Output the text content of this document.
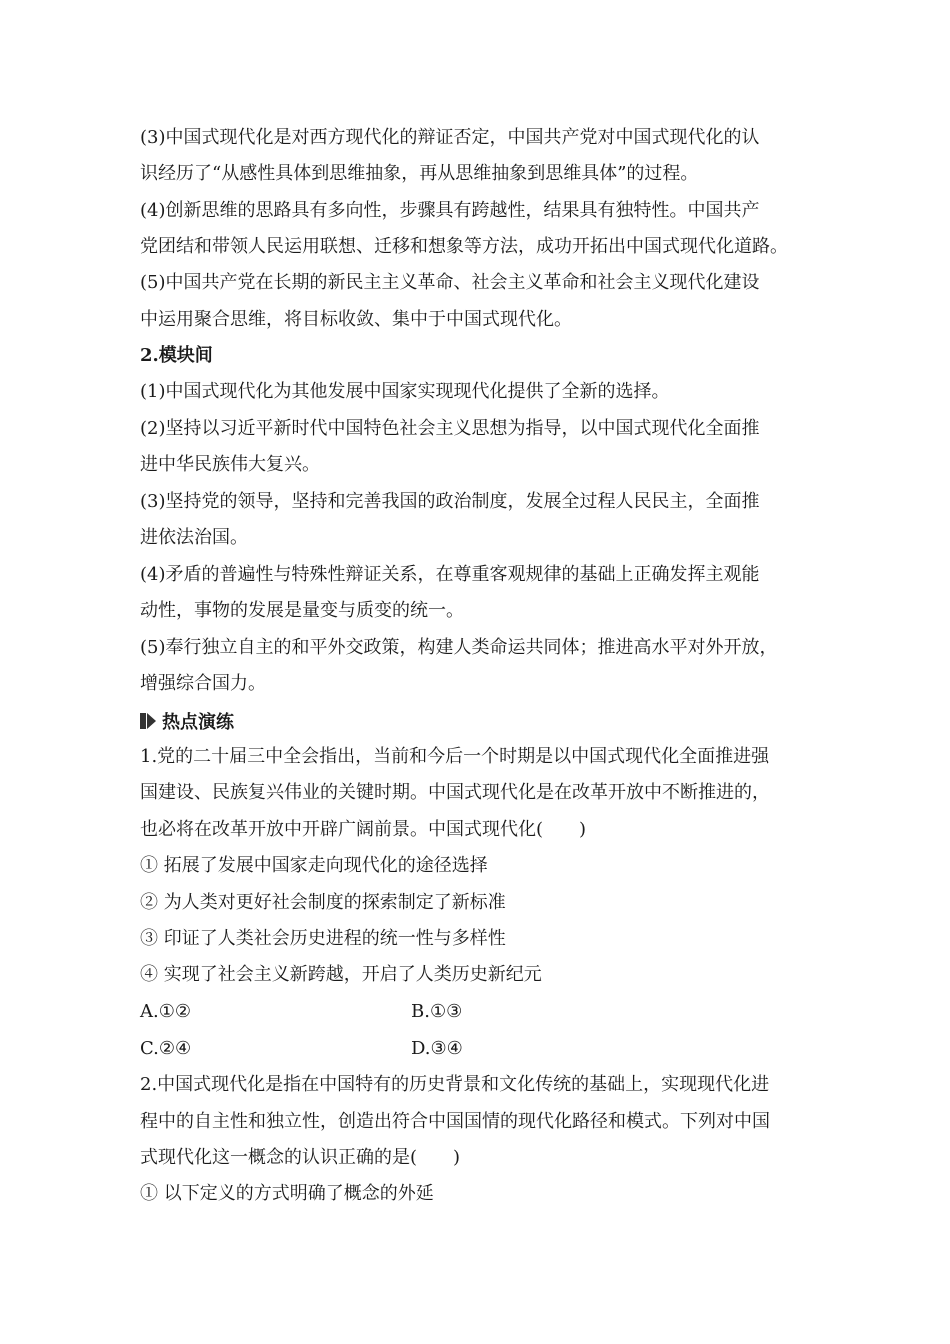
(3)中国式现代化是对西方现代化的辩证否定，中国共产党对中国式现代化的认
识经历了“从感性具体到思维抽象，再从思维抽象到思维具体”的过程。
(4)创新思维的思路具有多向性，步骤具有跨越性，结果具有独特性。中国共产
党团结和带领人民运用联想、迁移和想象等方法，成功开拓出中国式现代化道路。
(5)中国共产党在长期的新民主主义革命、社会主义革命和社会主义现代化建设
中运用聚合思维，将目标收敛、集中于中国式现代化。
2.模块间
(1)中国式现代化为其他发展中国家实现现代化提供了全新的选择。
(2)坚持以习近平新时代中国特色社会主义思想为指导，以中国式现代化全面推
进中华民族伟大复兴。
(3)坚持党的领导，坚持和完善我国的政治制度，发展全过程人民民主，全面推
进依法治国。
(4)矛盾的普遍性与特殊性辩证关系，在尊重客观规律的基础上正确发挥主观能
动性，事物的发展是量变与质变的统一。
(5)奉行独立自主的和平外交政策，构建人类命运共同体；推进高水平对外开放，
增强综合国力。
热点演练
1.党的二十届三中全会指出，当前和今后一个时期是以中国式现代化全面推进强
国建设、民族复兴伟业的关键时期。中国式现代化是在改革开放中不断推进的，
也必将在改革开放中开辟广阔前景。中国式现代化(　　)
① 拓展了发展中国家走向现代化的途径选择
② 为人类对更好社会制度的探索制定了新标准
③ 印证了人类社会历史进程的统一性与多样性
④ 实现了社会主义新跨越，开启了人类历史新纪元
A.①②	B.①③
C.②④	D.③④
2.中国式现代化是指在中国特有的历史背景和文化传统的基础上，实现现代化进
程中的自主性和独立性，创造出符合中国国情的现代化路径和模式。下列对中国
式现代化这一概念的认识正确的是(　　)
① 以下定义的方式明确了概念的外延
